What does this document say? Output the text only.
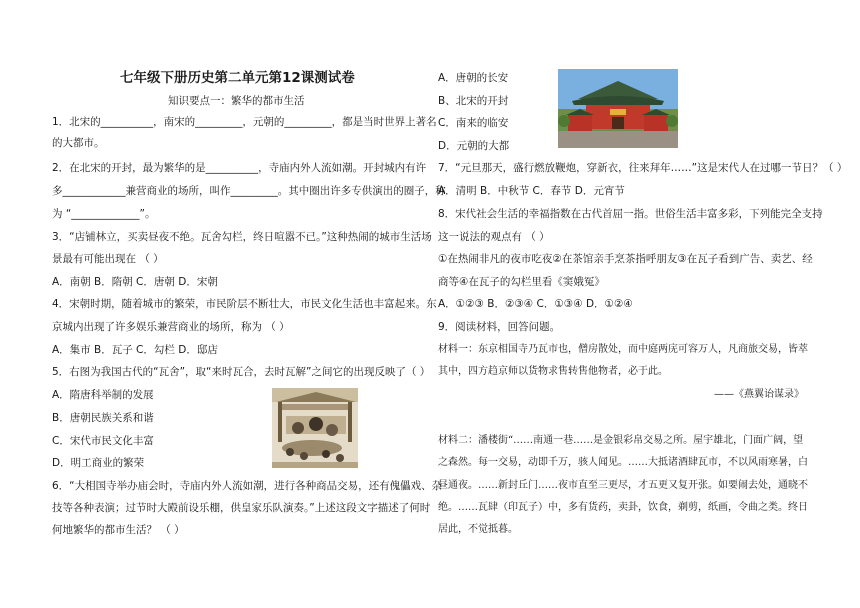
七年级下册历史第二单元第12课测试卷
知识要点一：繁华的都市生活
1．北宋的__________，南宋的_________，元朝的_________，都是当时世界上著名
的大都市。
2．在北宋的开封，最为繁华的是__________，寺庙内外人流如潮。开封城内有许
多____________兼营商业的场所，叫作_________。其中圈出许多专供演出的圈子，称
为 “_____________”。
3．“店铺林立，买卖昼夜不绝。瓦舍勾栏，终日喧嚣不已。”这种热闹的城市生活场
景最有可能出现在 （ ）
A．南朝 B．隋朝 C．唐朝 D．宋朝
4．宋朝时期，随着城市的繁荣，市民阶层不断壮大，市民文化生活也丰富起来。东
京城内出现了许多娱乐兼营商业的场所，称为 （ ）
A．集市 B．瓦子 C．勾栏 D．邸店
5．右图为我国古代的“瓦舍”，取“来时瓦合，去时瓦解”之间它的出现反映了（ ）
A．隋唐科举制的发展
B．唐朝民族关系和谐
C．宋代市民文化丰富
D．明工商业的繁荣
6．“大相国寺举办庙会时，寺庙内外人流如潮，进行各种商品交易，还有傀儡戏、杂
技等各种表演；过节时大殿前设乐棚，供皇家乐队演奏。”上述这段文字描述了何时
何地繁华的都市生活？ （ ）
A．唐朝的长安
B、北宋的开封
C．南来的临安
D．元朝的大都
7．“元旦那天，盛行燃放鞭炮，穿新衣，往来拜年……”这是宋代人在过哪一节日？（ ）
A．清明 B．中秋节 C．春节 D．元宵节
8．宋代社会生活的幸福指数在古代首屈一指。世俗生活丰富多彩，下列能完全支持
这一说法的观点有 （ ）
①在热闹非凡的夜市吃夜②在茶馆亲手烹茶指呼朋友③在瓦子看到广告、卖艺、经
商等④在瓦子的勾栏里看《窦娥冤》
A．①②③ B．②③④ C．①③④ D．①②④
9．阅读材料，回答问题。
材料一：东京相国寺乃瓦市也，僧房散处，而中庭两庑可容万人，凡商旅交易，皆萃
其中，四方趋京师以货物求售转售他物者，必于此。
——《燕翼诒谋录》
材料二：潘楼街“……南通一巷……是金银彩帛交易之所。屋宇雄北，门面广阔，望
之森然。每一交易，动即千万，骇人闻见。……大抵诸酒肆瓦市，不以风雨寒暑，白
昼通夜。……新封丘门……夜市直至三更尽，才五更又复开张。如要闹去处，通晓不
绝。……瓦肆（印瓦子）中，多有货药，卖卦，饮食，剃剪，纸画，令曲之类。终日
居此，不觉抵暮。
